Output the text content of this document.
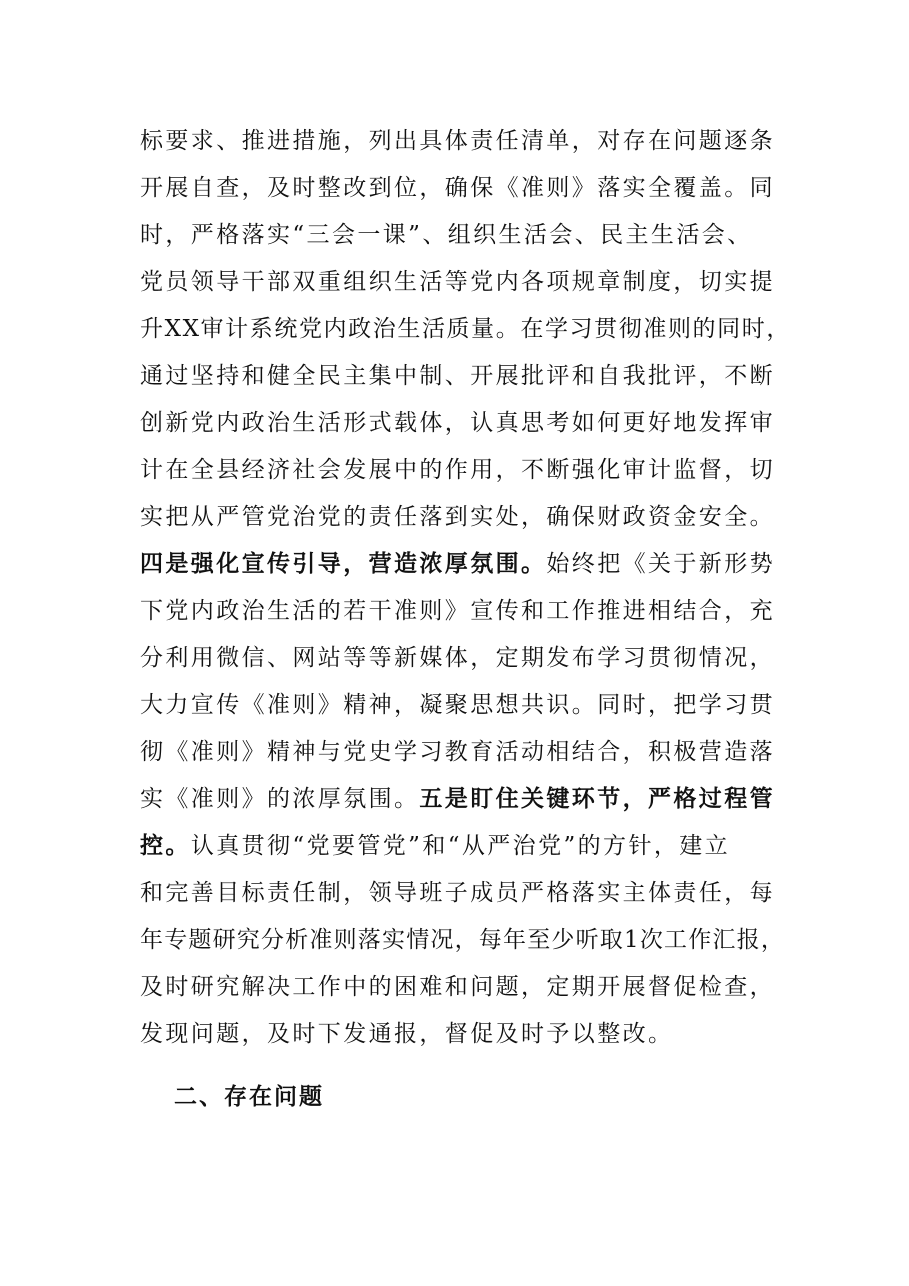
标要求、推进措施，列出具体责任清单，对存在问题逐条
开展自查，及时整改到位，确保《准则》落实全覆盖。同
时，严格落实“三会一课”、组织生活会、民主生活会、
党员领导干部双重组织生活等党内各项规章制度，切实提
升XX审计系统党内政治生活质量。在学习贯彻准则的同时，
通过坚持和健全民主集中制、开展批评和自我批评，不断
创新党内政治生活形式载体，认真思考如何更好地发挥审
计在全县经济社会发展中的作用，不断强化审计监督，切
实把从严管党治党的责任落到实处，确保财政资金安全。
四是强化宣传引导，营造浓厚氛围。始终把《关于新形势
下党内政治生活的若干准则》宣传和工作推进相结合，充
分利用微信、网站等等新媒体，定期发布学习贯彻情况，
大力宣传《准则》精神，凝聚思想共识。同时，把学习贯
彻《准则》精神与党史学习教育活动相结合，积极营造落
实《准则》的浓厚氛围。五是盯住关键环节，严格过程管
控。认真贯彻“党要管党”和“从严治党”的方针，建立
和完善目标责任制，领导班子成员严格落实主体责任，每
年专题研究分析准则落实情况，每年至少听取1次工作汇报，
及时研究解决工作中的困难和问题，定期开展督促检查，
发现问题，及时下发通报，督促及时予以整改。
二、存在问题
